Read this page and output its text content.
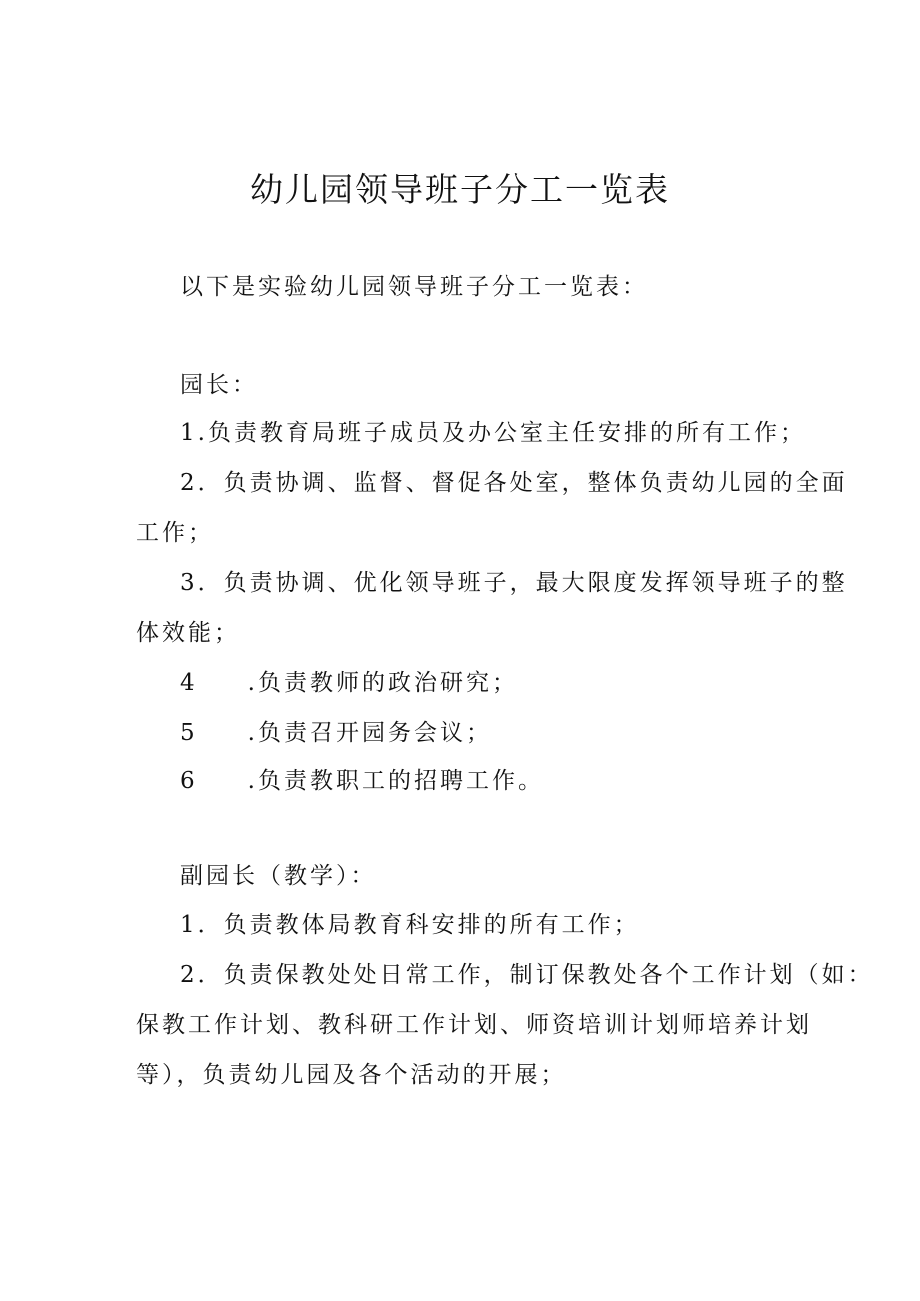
幼儿园领导班子分工一览表
以下是实验幼儿园领导班子分工一览表：
园长：
1.负责教育局班子成员及办公室主任安排的所有工作；
2．负责协调、监督、督促各处室，整体负责幼儿园的全面
工作；
3．负责协调、优化领导班子，最大限度发挥领导班子的整
体效能；
4 .负责教师的政治研究；
5 .负责召开园务会议；
6 .负责教职工的招聘工作。
副园长（教学）：
1．负责教体局教育科安排的所有工作；
2．负责保教处处日常工作，制订保教处各个工作计划（如：
保教工作计划、教科研工作计划、师资培训计划师培养计划
等），负责幼儿园及各个活动的开展；
